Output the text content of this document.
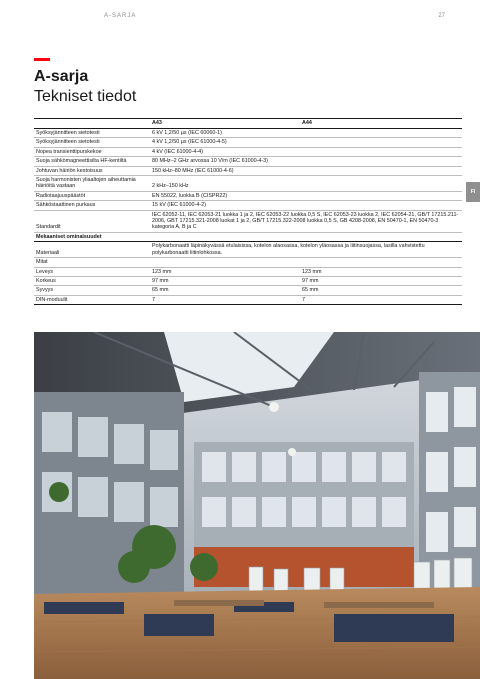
A-SARJA	27
FI
A-sarja
Tekniset tiedot
	A43	A44
Syöksyjännitteen sietotesti	6 kV 1,2/50 µs (IEC 60060-1)	
Syöksyjännitteen sietotesti	4 kV 1,2/50 µs (IEC 61000-4-5)	
Nopea transienttipurskekoe	4 kV (IEC 61000-4-4)	
Suoja sähkömagneettisilta HF-kentiltä	80 MHz–2 GHz arvossa 10 V/m (IEC 61000-4-3)	
Johtuvan häiriön kestoisuus	150 kHz–80 MHz (IEC 61000-4-6)	
Suoja harmonisten yliaaltojen aiheuttamia häiriöitä vastaan	2 kHz–150 kHz	
Radiotaajuuspäästöt	EN 55022, luokka B (CISPR22)	
Sähköstaattinen purkaus	15 kV (IEC 61000-4-2)	
Standardit	IEC 62052-11, IEC 62053-21 luokka 1 ja 2, IEC 62053-22 luokka 0,5 S, IEC 62053-23 luokka 2, IEC 62054-21, GB/T 17215.211-2006, GBT 17215.321-2008 luokat 1 ja 2, GB/T 17215.322-2008 luokka 0,5 S, GB 4208-2008, EN 50470-1, EN 50470-3 kategoria A, B ja C	
Mekaaniset ominaisuudet		
Materiaali	Polykarbonaatti läpinäkyvässä etulaisissa, kotelon alaosassa, kotelon yläosassa ja liitinsuojassa, lasilla vahvistettu polykarbonaatti liitinlohkossa.	
Mitat		
Leveys	123 mm	123 mm
Korkeus	97 mm	97 mm
Syvyys	65 mm	65 mm
DIN-moduulit	7	7
